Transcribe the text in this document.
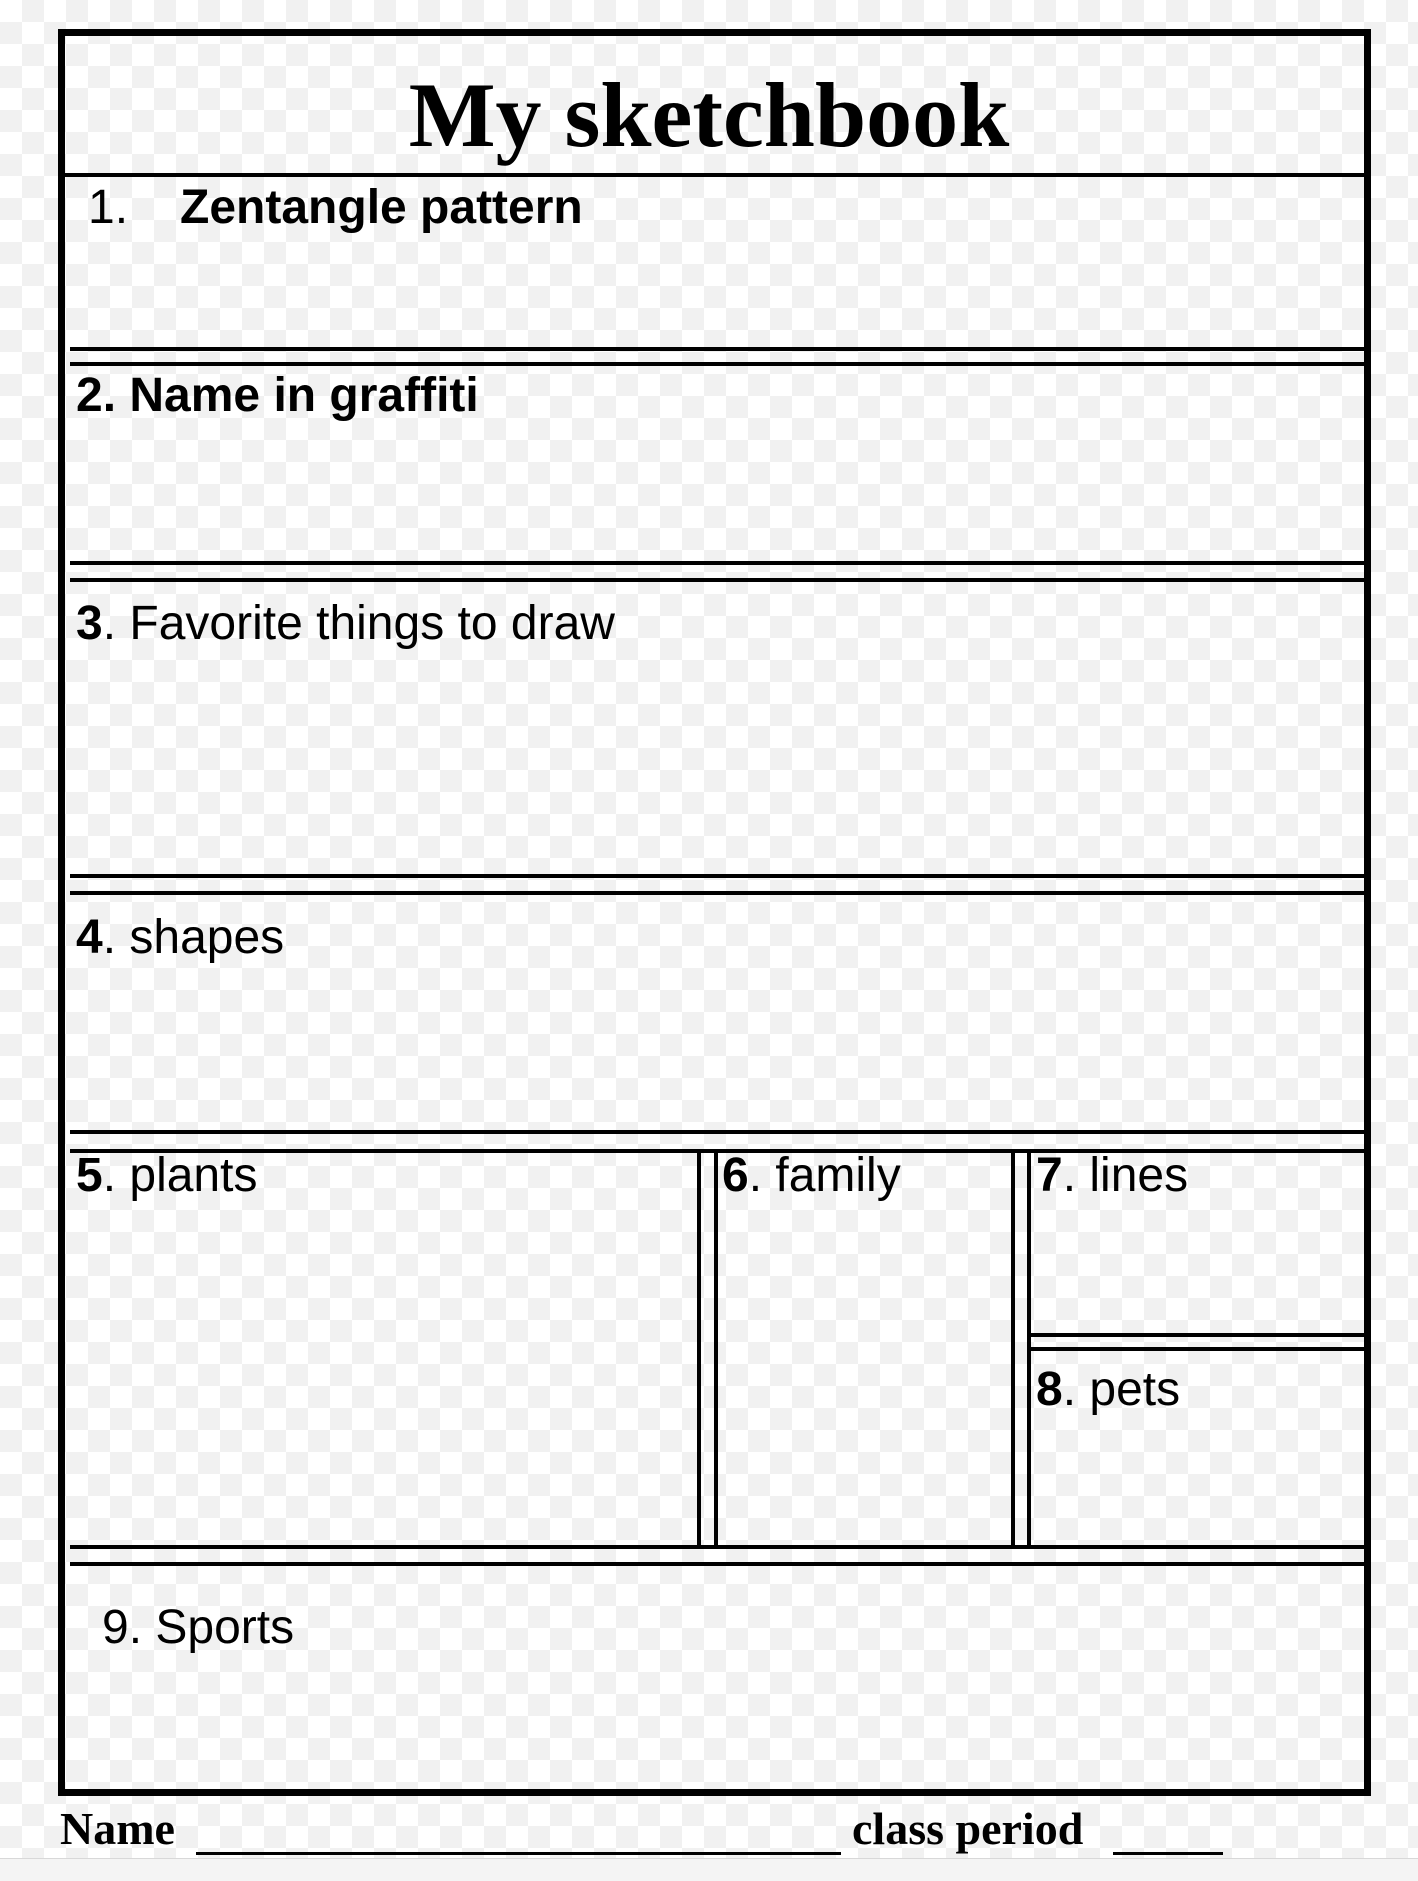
My sketchbook
1. Zentangle pattern
2. Name in graffiti
3. Favorite things to draw
4. shapes
5. plants	6. family	7. lines
8. pets
9. Sports
Name	class period
